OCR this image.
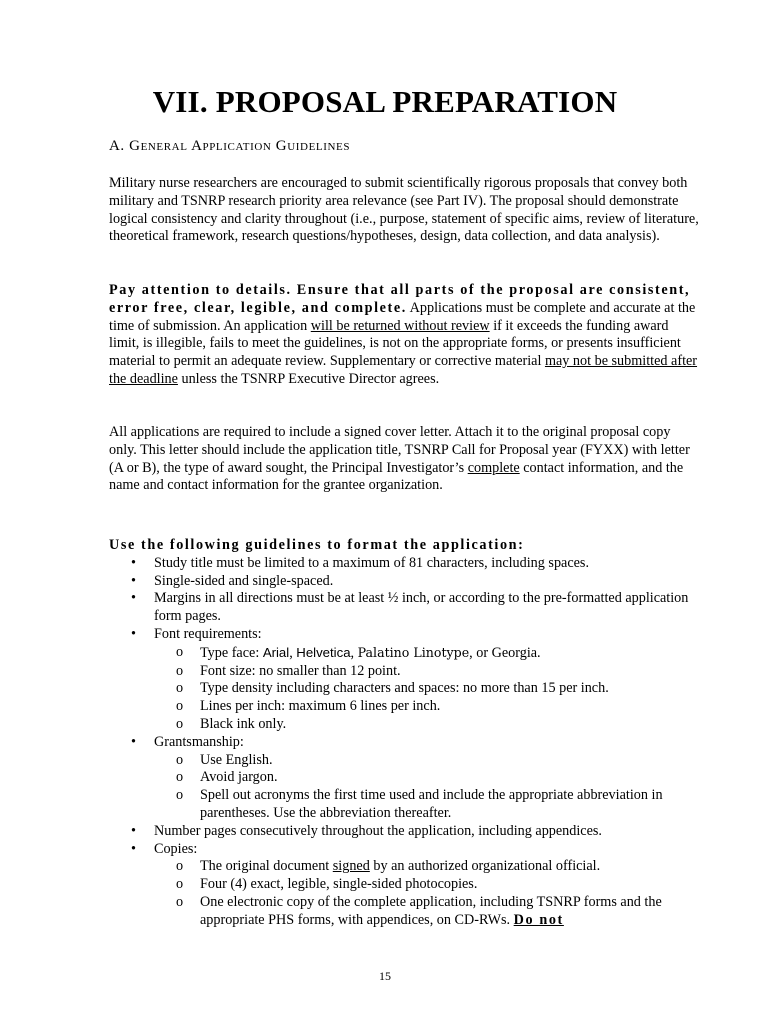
VII. PROPOSAL PREPARATION
A. General Application Guidelines

Military nurse researchers are encouraged to submit scientifically rigorous proposals that convey both military and TSNRP research priority area relevance (see Part IV). The proposal should demonstrate logical consistency and clarity throughout (i.e., purpose, statement of specific aims, review of literature, theoretical framework, research questions/hypotheses, design, data collection, and data analysis).

Pay attention to details. Ensure that all parts of the proposal are consistent, error free, clear, legible, and complete. Applications must be complete and accurate at the time of submission. An application will be returned without review if it exceeds the funding award limit, is illegible, fails to meet the guidelines, is not on the appropriate forms, or presents insufficient material to permit an adequate review. Supplementary or corrective material may not be submitted after the deadline unless the TSNRP Executive Director agrees.

All applications are required to include a signed cover letter. Attach it to the original proposal copy only. This letter should include the application title, TSNRP Call for Proposal year (FYXX) with letter (A or B), the type of award sought, the Principal Investigator’s complete contact information, and the name and contact information for the grantee organization.

Use the following guidelines to format the application:

• Study title must be limited to a maximum of 81 characters, including spaces.
• Single-sided and single-spaced.
• Margins in all directions must be at least ½ inch, or according to the pre-formatted application form pages.
• Font requirements:
o Type face: Arial, Helvetica, Palatino Linotype, or Georgia.
o Font size: no smaller than 12 point.
o Type density including characters and spaces: no more than 15 per inch.
o Lines per inch: maximum 6 lines per inch.
o Black ink only.
• Grantsmanship:
o Use English.
o Avoid jargon.
o Spell out acronyms the first time used and include the appropriate abbreviation in parentheses. Use the abbreviation thereafter.
• Number pages consecutively throughout the application, including appendices.
• Copies:
o The original document signed by an authorized organizational official.
o Four (4) exact, legible, single-sided photocopies.
o One electronic copy of the complete application, including TSNRP forms and the appropriate PHS forms, with appendices, on CD-RWs. Do not

15
